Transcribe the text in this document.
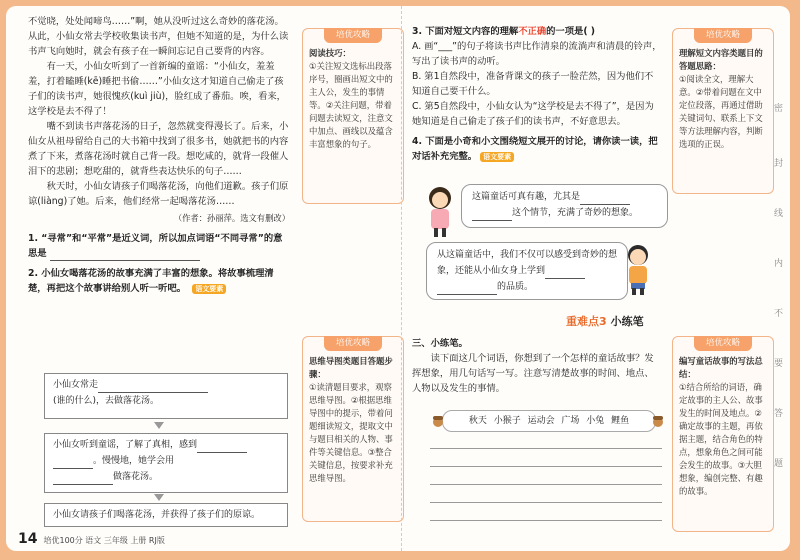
不觉晓，处处闻啼鸟……”啊，她从没听过这么奇妙的落花汤。从此，小仙女常去学校收集读书声，但她不知道的是，为什么读书声飞向她时，就会有孩子在一瞬间忘记自己要背的内容。

有一天，小仙女听到了一首新编的童谣：“小仙女，羞羞羞，打着瞌睡(kē)睡把书偷……”小仙女这才知道自己偷走了孩子们的读书声，她很愧疚(kuì jiù)，脸红成了番茄。唉，看来，这学校是去不得了！

嘴不到读书声落花汤的日子，忽然就变得漫长了。后来，小仙女从祖母留给自己的大书箱中找到了很多书，她就把书的内容煮了下来，煮落花汤时就自己背一段。想吃咸的，就背一段催人泪下的悲剧；想吃甜的，就背些表达快乐的句子……

秋天时，小仙女请孩子们喝落花汤，向他们道歉。孩子们原谅(liàng)了她。后来，他们经常一起喝落花汤……

（作者：孙丽萍。选文有删改）
1. “寻常”和“平常”是近义词，所以加点词语“不同寻常”的意思是
2. 小仙女喝落花汤的故事充满了丰富的想象。将故事梳理清楚，再把这个故事讲给别人听一听吧。 语文要素
小仙女常走
(谁的什么)，去做落花汤。
小仙女听到童谣，了解了真相，感到
。慢慢地，她学会用
做落花汤。
小仙女请孩子们喝落花汤，并获得了孩子们的原谅。
培优攻略
阅读技巧：
①关注短文选标出段落序号，圈画出短文中的主人公，发生的事情等。②关注问题，带着问题去读短文，注意文中加点、画线以及蕴含丰富想象的句子。
培优攻略
思维导图类题目答题步骤：
①读清题目要求，观察思维导图。②根据思维导图中的提示，带着问题细读短文，提取文中与题目相关的人物、事件等关键信息。③整合关键信息，按要求补充思维导图。
3. 下面对短文内容的理解不正确的一项是( )
A. 画“___”的句子将读书声比作清泉的流淌声和清晨的铃声，写出了读书声的动听。
B. 第1自然段中，准备背课文的孩子一脸茫然，因为他们不知道自己要干什么。
C. 第5自然段中，小仙女认为“这学校是去不得了”，是因为她知道是自己偷走了孩子们的读书声，不好意思去。
4. 下面是小奇和小文围绕短文展开的讨论，请你读一读，把对话补充完整。 语文要素
这篇童话可真有趣，尤其是
这个情节，充满了奇妙的想象。
从这篇童话中，我们不仅可以感受到奇妙的想象，还能从小仙女身上学到
的品质。
重难点3 小练笔
三、小练笔。

读下面这几个词语，你想到了一个怎样的童话故事？发挥想象，用几句话写一写。注意写清楚故事的时间、地点、人物以及发生的事情。

秋天 小猴子 运动会 广场 小兔 鲤鱼
培优攻略
理解短文内容类题目的答题思路：
①阅读全文，理解大意。②带着问题在文中定位段落，再通过借助关键词句、联系上下文等方法理解内容，判断选项的正误。
培优攻略
编写童话故事的写法总结：
①结合所给的词语，确定故事的主人公、故事发生的时间及地点。②确定故事的主题，再依据主题，结合角色的特点，想象角色之间可能会发生的故事。③大胆想象，编创完整、有趣的故事。
密
封
线
内
不
要
答
题
14 培优100分 语文 三年级 上册 RJ版
